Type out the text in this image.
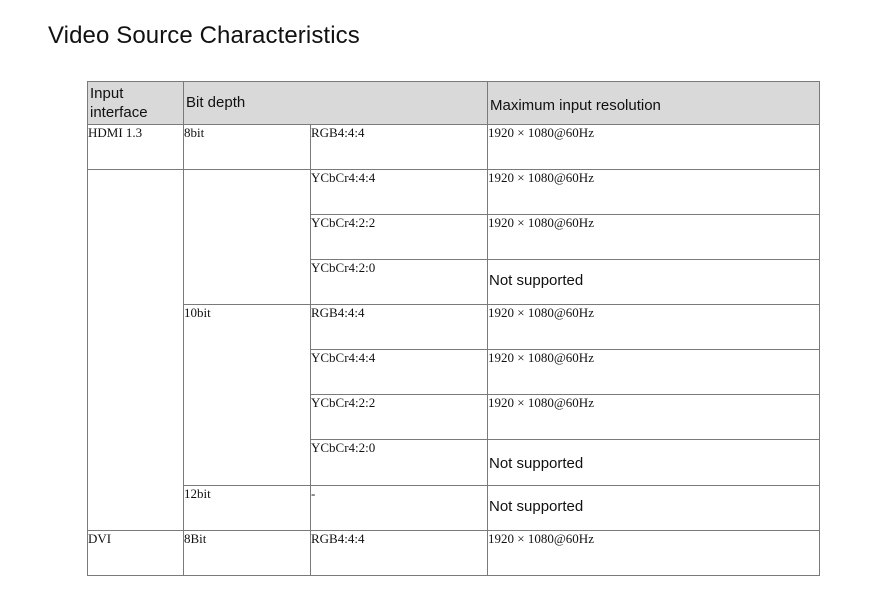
Video Source Characteristics
Input interface	Bit depth		Maximum input resolution
HDMI 1.3	8bit	RGB4:4:4	1920 × 1080@60Hz
		YCbCr4:4:4	1920 × 1080@60Hz
		YCbCr4:2:2	1920 × 1080@60Hz
		YCbCr4:2:0	Not supported
	10bit	RGB4:4:4	1920 × 1080@60Hz
		YCbCr4:4:4	1920 × 1080@60Hz
		YCbCr4:2:2	1920 × 1080@60Hz
		YCbCr4:2:0	Not supported
	12bit	-	Not supported
DVI	8Bit	RGB4:4:4	1920 × 1080@60Hz
